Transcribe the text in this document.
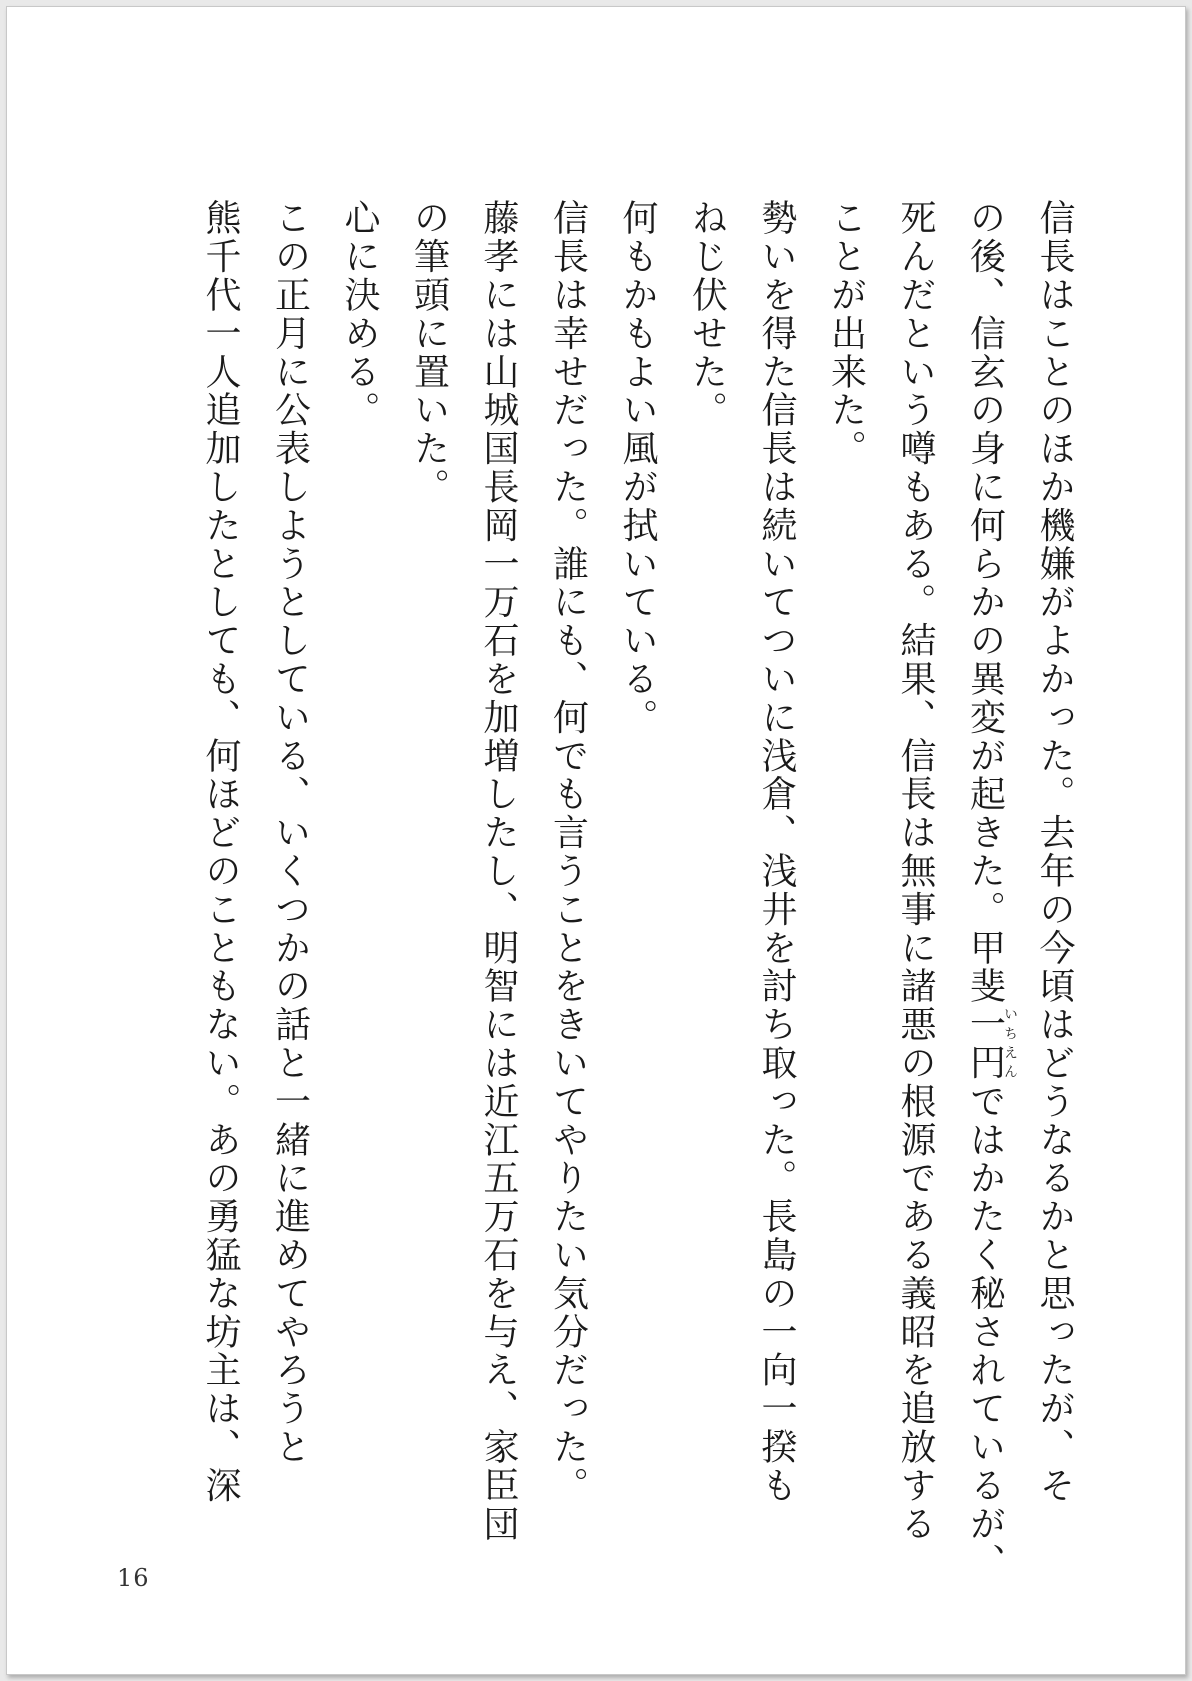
信長はことのほか機嫌がよかった。去年の今頃はどうなるかと思ったが、そ

の後、信玄の身に何らかの異変が起きた。甲斐一円いちえんではかたく秘されているが、

死んだという噂もある。結果、信長は無事に諸悪の根源である義昭を追放する

ことが出来た。

勢いを得た信長は続いてついに浅倉、浅井を討ち取った。長島の一向一揆も

ねじ伏せた。

何もかもよい風が拭いている。

信長は幸せだった。誰にも、何でも言うことをきいてやりたい気分だった。

藤孝には山城国長岡一万石を加増したし、明智には近江五万石を与え、家臣団

の筆頭に置いた。

心に決める。

この正月に公表しようとしている、いくつかの話と一緒に進めてやろうと

熊千代一人追加したとしても、何ほどのこともない。あの勇猛な坊主は、深

16
